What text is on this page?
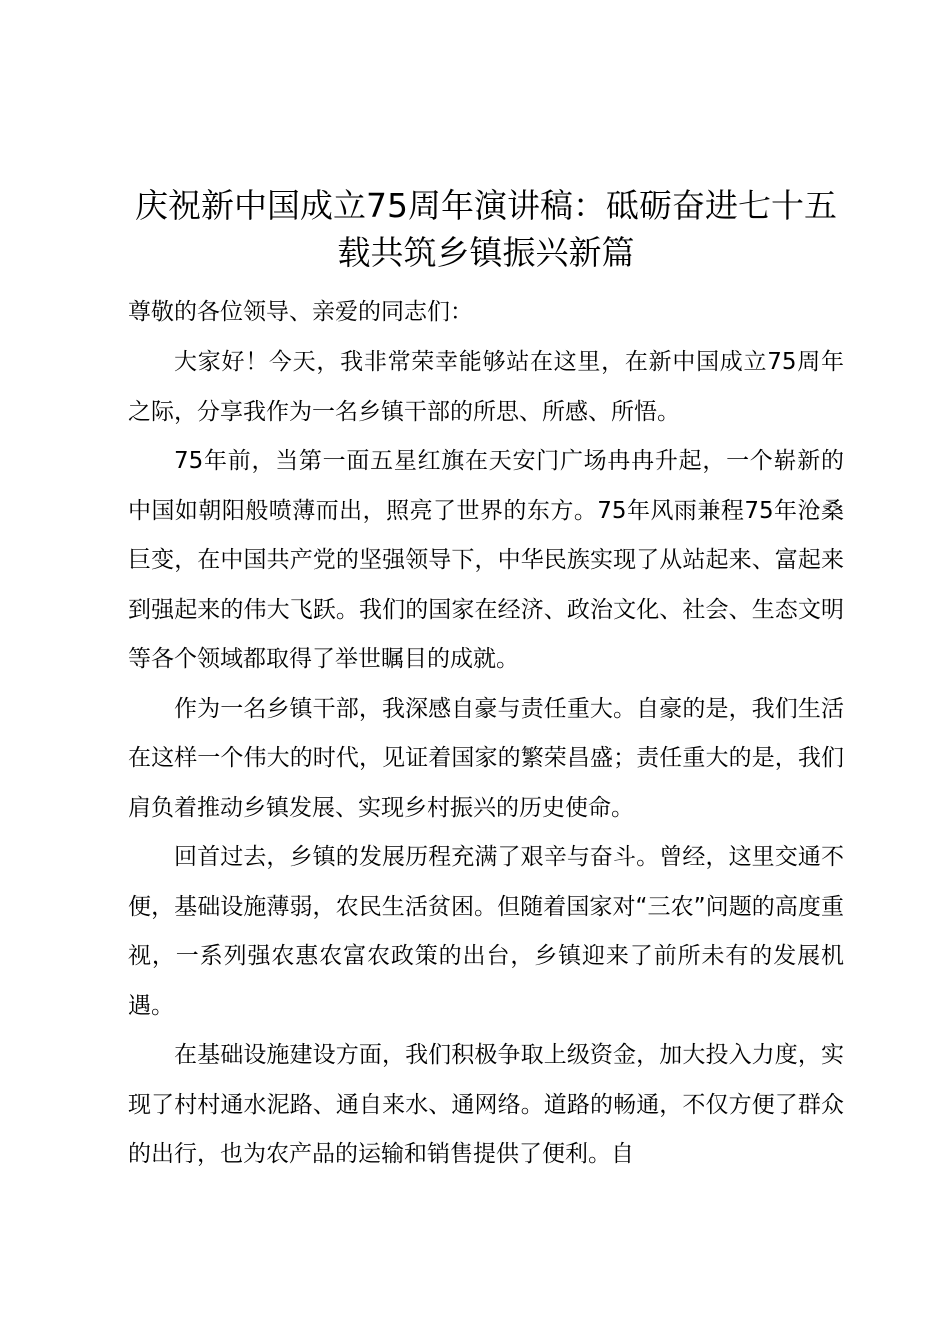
庆祝新中国成立75周年演讲稿：砥砺奋进七十五载共筑乡镇振兴新篇

尊敬的各位领导、亲爱的同志们：

大家好！今天，我非常荣幸能够站在这里，在新中国成立75周年之际，分享我作为一名乡镇干部的所思、所感、所悟。

75年前，当第一面五星红旗在天安门广场冉冉升起，一个崭新的中国如朝阳般喷薄而出，照亮了世界的东方。75年风雨兼程75年沧桑巨变，在中国共产党的坚强领导下，中华民族实现了从站起来、富起来到强起来的伟大飞跃。我们的国家在经济、政治文化、社会、生态文明等各个领域都取得了举世瞩目的成就。

作为一名乡镇干部，我深感自豪与责任重大。自豪的是，我们生活在这样一个伟大的时代，见证着国家的繁荣昌盛；责任重大的是，我们肩负着推动乡镇发展、实现乡村振兴的历史使命。

回首过去，乡镇的发展历程充满了艰辛与奋斗。曾经，这里交通不便，基础设施薄弱，农民生活贫困。但随着国家对“三农”问题的高度重视，一系列强农惠农富农政策的出台，乡镇迎来了前所未有的发展机遇。

在基础设施建设方面，我们积极争取上级资金，加大投入力度，实现了村村通水泥路、通自来水、通网络。道路的畅通，不仅方便了群众的出行，也为农产品的运输和销售提供了便利。自
